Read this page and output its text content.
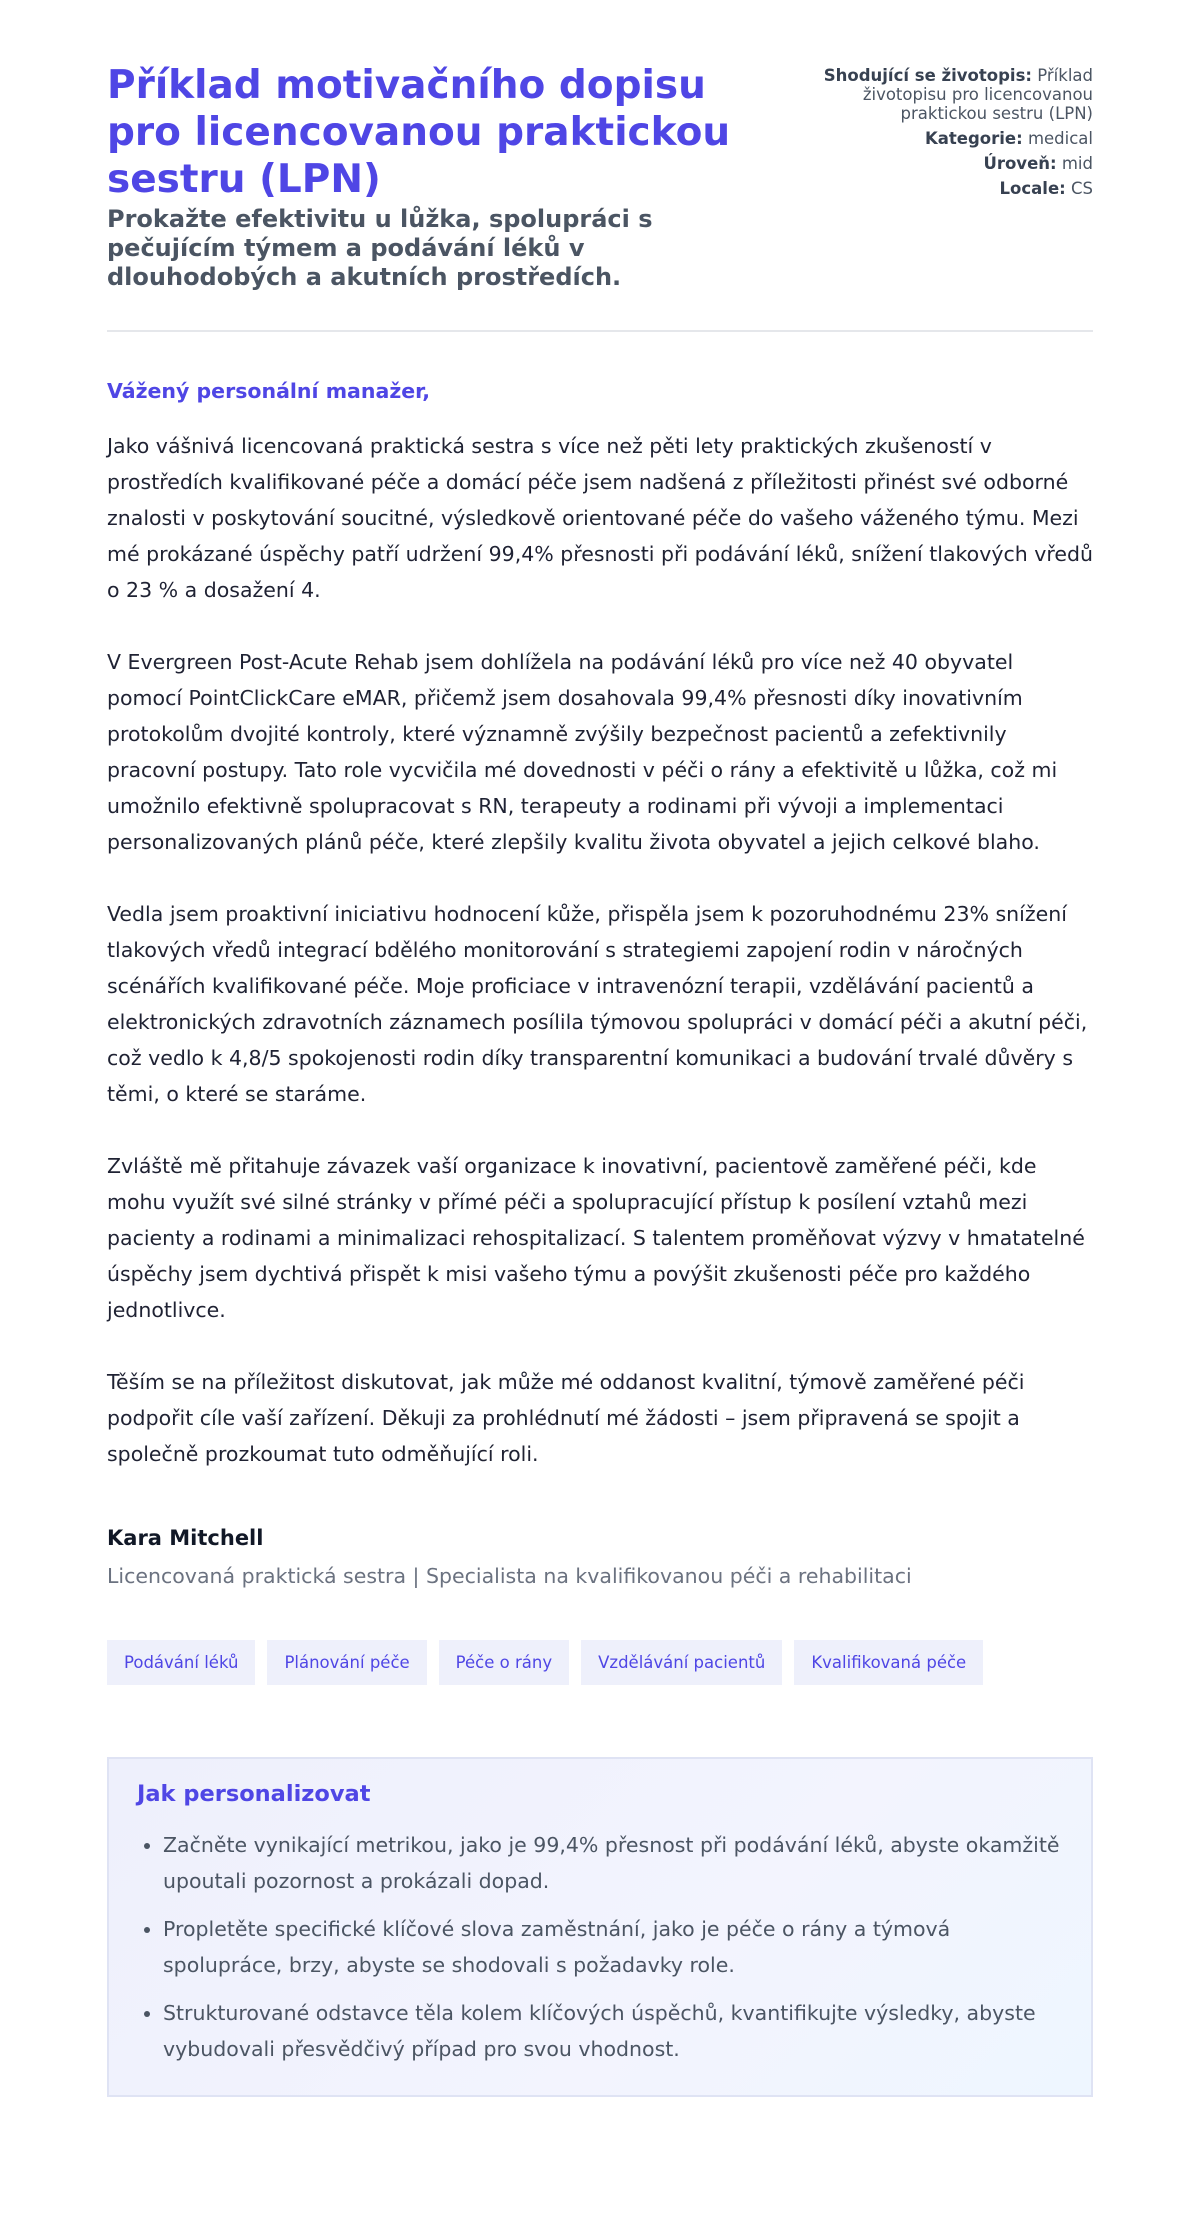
Příklad motivačního dopisu pro licencovanou praktickou sestru (LPN)
Prokažte efektivitu u lůžka, spolupráci s pečujícím týmem a podávání léků v dlouhodobých a akutních prostředích.
Shodující se životopis: Příklad životopisu pro licencovanou praktickou sestru (LPN)
Kategorie: medical
Úroveň: mid
Locale: CS

Vážený personální manažer,

Jako vášnivá licencovaná praktická sestra s více než pěti lety praktických zkušeností v prostředích kvalifikované péče a domácí péče jsem nadšená z příležitosti přinést své odborné znalosti v poskytování soucitné, výsledkově orientované péče do vašeho váženého týmu. Mezi mé prokázané úspěchy patří udržení 99,4% přesnosti při podávání léků, snížení tlakových vředů o 23 % a dosažení 4.

V Evergreen Post-Acute Rehab jsem dohlížela na podávání léků pro více než 40 obyvatel pomocí PointClickCare eMAR, přičemž jsem dosahovala 99,4% přesnosti díky inovativním protokolům dvojité kontroly, které významně zvýšily bezpečnost pacientů a zefektivnily pracovní postupy. Tato role vycvičila mé dovednosti v péči o rány a efektivitě u lůžka, což mi umožnilo efektivně spolupracovat s RN, terapeuty a rodinami při vývoji a implementaci personalizovaných plánů péče, které zlepšily kvalitu života obyvatel a jejich celkové blaho.

Vedla jsem proaktivní iniciativu hodnocení kůže, přispěla jsem k pozoruhodnému 23% snížení tlakových vředů integrací bdělého monitorování s strategiemi zapojení rodin v náročných scénářích kvalifikované péče. Moje proficiace v intravenózní terapii, vzdělávání pacientů a elektronických zdravotních záznamech posílila týmovou spolupráci v domácí péči a akutní péči, což vedlo k 4,8/5 spokojenosti rodin díky transparentní komunikaci a budování trvalé důvěry s těmi, o které se staráme.

Zvláště mě přitahuje závazek vaší organizace k inovativní, pacientově zaměřené péči, kde mohu využít své silné stránky v přímé péči a spolupracující přístup k posílení vztahů mezi pacienty a rodinami a minimalizaci rehospitalizací. S talentem proměňovat výzvy v hmatatelné úspěchy jsem dychtivá přispět k misi vašeho týmu a povýšit zkušenosti péče pro každého jednotlivce.

Těším se na příležitost diskutovat, jak může mé oddanost kvalitní, týmově zaměřené péči podpořit cíle vaší zařízení. Děkuji za prohlédnutí mé žádosti – jsem připravená se spojit a společně prozkoumat tuto odměňující roli.

Kara Mitchell
Licencovaná praktická sestra | Specialista na kvalifikovanou péči a rehabilitaci
Podávání léků	Plánování péče	Péče o rány	Vzdělávání pacientů	Kvalifikovaná péče
Jak personalizovat
• Začněte vynikající metrikou, jako je 99,4% přesnost při podávání léků, abyste okamžitě upoutali pozornost a prokázali dopad.
• Propletěte specifické klíčové slova zaměstnání, jako je péče o rány a týmová spolupráce, brzy, abyste se shodovali s požadavky role.
• Strukturované odstavce těla kolem klíčových úspěchů, kvantifikujte výsledky, abyste vybudovali přesvědčivý případ pro svou vhodnost.
